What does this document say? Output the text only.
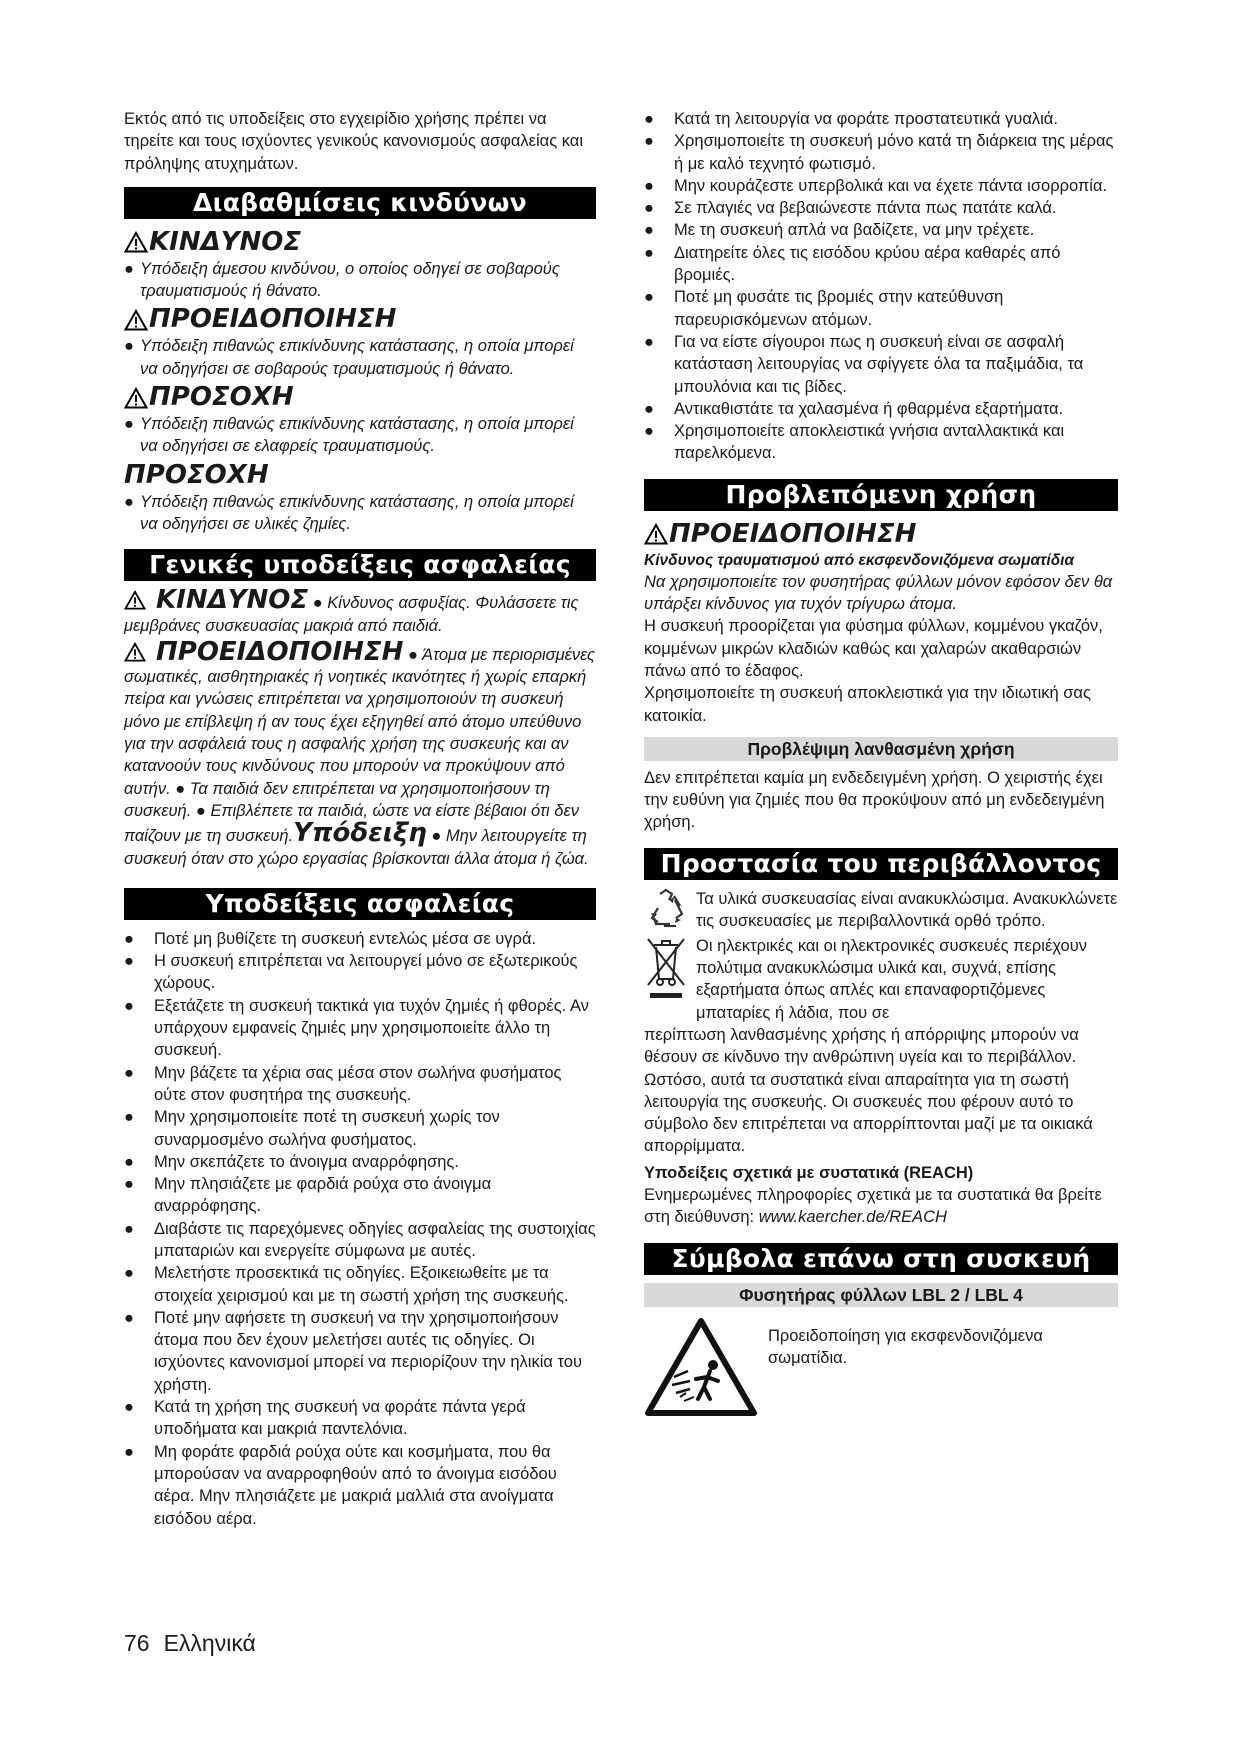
Εκτός από τις υποδείξεις στο εγχειρίδιο χρήσης πρέπει να τηρείτε και τους ισχύοντες γενικούς κανονισμούς ασφαλείας και πρόληψης ατυχημάτων.

Διαβαθμίσεις κινδύνων
ΚΙΝΔΥΝΟΣ
● Υπόδειξη άμεσου κινδύνου, ο οποίος οδηγεί σε σοβαρούς τραυματισμούς ή θάνατο.
ΠΡΟΕΙΔΟΠΟΙΗΣΗ
● Υπόδειξη πιθανώς επικίνδυνης κατάστασης, η οποία μπορεί να οδηγήσει σε σοβαρούς τραυματισμούς ή θάνατο.
ΠΡΟΣΟΧΗ
● Υπόδειξη πιθανώς επικίνδυνης κατάστασης, η οποία μπορεί να οδηγήσει σε ελαφρείς τραυματισμούς.
ΠΡΟΣΟΧΗ
● Υπόδειξη πιθανώς επικίνδυνης κατάστασης, η οποία μπορεί να οδηγήσει σε υλικές ζημίες.
Γενικές υποδείξεις ασφαλείας

ΚΙΝΔΥΝΟΣ ● Κίνδυνος ασφυξίας. Φυλάσσετε τις μεμβράνες συσκευασίας μακριά από παιδιά.

ΠΡΟΕΙΔΟΠΟΙΗΣΗ ● Άτομα με περιορισμένες σωματικές, αισθητηριακές ή νοητικές ικανότητες ή χωρίς επαρκή πείρα και γνώσεις επιτρέπεται να χρησιμοποιούν τη συσκευή μόνο με επίβλεψη ή αν τους έχει εξηγηθεί από άτομο υπεύθυνο για την ασφάλειά τους η ασφαλής χρήση της συσκευής και αν κατανοούν τους κινδύνους που μπορούν να προκύψουν από αυτήν. ● Τα παιδιά δεν επιτρέπεται να χρησιμοποιήσουν τη συσκευή. ● Επιβλέπετε τα παιδιά, ώστε να είστε βέβαιοι ότι δεν παίζουν με τη συσκευή.Υπόδειξη ● Μην λειτουργείτε τη συσκευή όταν στο χώρο εργασίας βρίσκονται άλλα άτομα ή ζώα.

Υποδείξεις ασφαλείας
●	Ποτέ μη βυθίζετε τη συσκευή εντελώς μέσα σε υγρά.
●	Η συσκευή επιτρέπεται να λειτουργεί μόνο σε εξωτερικούς χώρους.
●	Εξετάζετε τη συσκευή τακτικά για τυχόν ζημιές ή φθορές. Αν υπάρχουν εμφανείς ζημιές μην χρησιμοποιείτε άλλο τη συσκευή.
●	Μην βάζετε τα χέρια σας μέσα στον σωλήνα φυσήματος ούτε στον φυσητήρα της συσκευής.
●	Μην χρησιμοποιείτε ποτέ τη συσκευή χωρίς τον συναρμοσμένο σωλήνα φυσήματος.
●	Μην σκεπάζετε το άνοιγμα αναρρόφησης.
●	Μην πλησιάζετε με φαρδιά ρούχα στο άνοιγμα αναρρόφησης.
●	Διαβάστε τις παρεχόμενες οδηγίες ασφαλείας της συστοιχίας μπαταριών και ενεργείτε σύμφωνα με αυτές.
●	Μελετήστε προσεκτικά τις οδηγίες. Εξοικειωθείτε με τα στοιχεία χειρισμού και με τη σωστή χρήση της συσκευής.
●	Ποτέ μην αφήσετε τη συσκευή να την χρησιμοποιήσουν άτομα που δεν έχουν μελετήσει αυτές τις οδηγίες. Οι ισχύοντες κανονισμοί μπορεί να περιορίζουν την ηλικία του χρήστη.
●	Κατά τη χρήση της συσκευή να φοράτε πάντα γερά υποδήματα και μακριά παντελόνια.
●	Μη φοράτε φαρδιά ρούχα ούτε και κοσμήματα, που θα μπορούσαν να αναρροφηθούν από το άνοιγμα εισόδου αέρα. Μην πλησιάζετε με μακριά μαλλιά στα ανοίγματα εισόδου αέρα.
●	Κατά τη λειτουργία να φοράτε προστατευτικά γυαλιά.
●	Χρησιμοποιείτε τη συσκευή μόνο κατά τη διάρκεια της μέρας ή με καλό τεχνητό φωτισμό.
●	Μην κουράζεστε υπερβολικά και να έχετε πάντα ισορροπία.
●	Σε πλαγιές να βεβαιώνεστε πάντα πως πατάτε καλά.
●	Με τη συσκευή απλά να βαδίζετε, να μην τρέχετε.
●	Διατηρείτε όλες τις εισόδου κρύου αέρα καθαρές από βρομιές.
●	Ποτέ μη φυσάτε τις βρομιές στην κατεύθυνση παρευρισκόμενων ατόμων.
●	Για να είστε σίγουροι πως η συσκευή είναι σε ασφαλή κατάσταση λειτουργίας να σφίγγετε όλα τα παξιμάδια, τα μπουλόνια και τις βίδες.
●	Αντικαθιστάτε τα χαλασμένα ή φθαρμένα εξαρτήματα.
●	Χρησιμοποιείτε αποκλειστικά γνήσια ανταλλακτικά και παρελκόμενα.
Προβλεπόμενη χρήση
ΠΡΟΕΙΔΟΠΟΙΗΣΗ

Κίνδυνος τραυματισμού από εκσφενδονιζόμενα σωματίδια

Να χρησιμοποιείτε τον φυσητήρας φύλλων μόνον εφόσον δεν θα υπάρξει κίνδυνος για τυχόν τρίγυρω άτομα.

Η συσκευή προορίζεται για φύσημα φύλλων, κομμένου γκαζόν, κομμένων μικρών κλαδιών καθώς και χαλαρών ακαθαρσιών πάνω από το έδαφος.

Χρησιμοποιείτε τη συσκευή αποκλειστικά για την ιδιωτική σας κατοικία.

Προβλέψιμη λανθασμένη χρήση

Δεν επιτρέπεται καμία μη ενδεδειγμένη χρήση. Ο χειριστής έχει την ευθύνη για ζημιές που θα προκύψουν από μη ενδεδειγμένη χρήση.

Προστασία του περιβάλλοντος

Τα υλικά συσκευασίας είναι ανακυκλώσιμα. Ανακυκλώνετε τις συσκευασίες με περιβαλλοντικά ορθό τρόπο.

Οι ηλεκτρικές και οι ηλεκτρονικές συσκευές περιέχουν πολύτιμα ανακυκλώσιμα υλικά και, συχνά, επίσης εξαρτήματα όπως απλές και επαναφορτιζόμενες μπαταρίες ή λάδια, που σε

περίπτωση λανθασμένης χρήσης ή απόρριψης μπορούν να θέσουν σε κίνδυνο την ανθρώπινη υγεία και το περιβάλλον. Ωστόσο, αυτά τα συστατικά είναι απαραίτητα για τη σωστή λειτουργία της συσκευής. Οι συσκευές που φέρουν αυτό το σύμβολο δεν επιτρέπεται να απορρίπτονται μαζί με τα οικιακά απορρίμματα.

Υποδείξεις σχετικά με συστατικά (REACH)

Ενημερωμένες πληροφορίες σχετικά με τα συστατικά θα βρείτε στη διεύθυνση: www.kaercher.de/REACH

Σύμβολα επάνω στη συσκευή
Φυσητήρας φύλλων LBL 2 / LBL 4

Προειδοποίηση για εκσφενδονιζόμενα σωματίδια.

76 Ελληνικά
